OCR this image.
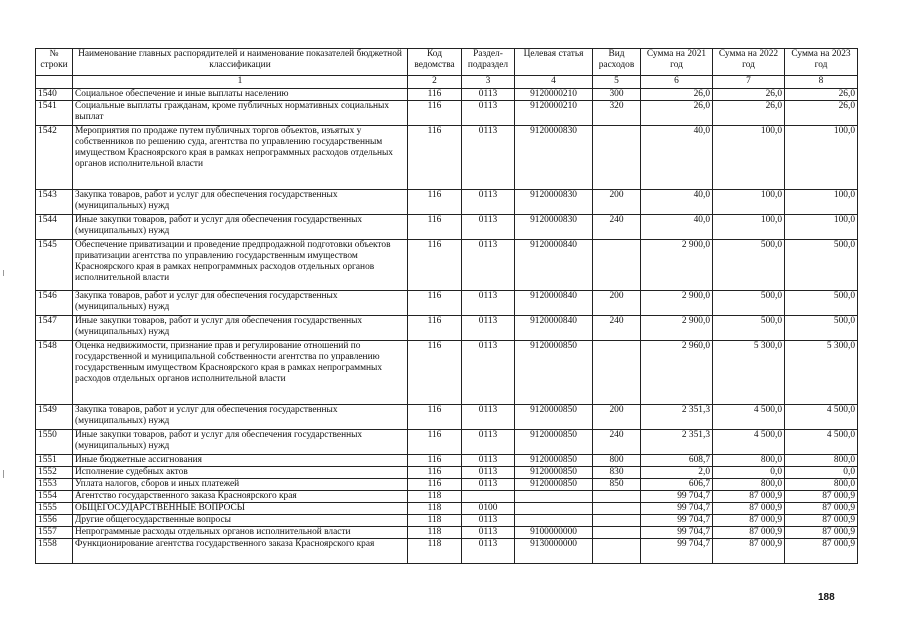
№ строки	Наименование главных распорядителей и наименование показателей бюджетной классификации	Код ведомства	Раздел-подраздел	Целевая статья	Вид расходов	Сумма на 2021 год	Сумма на 2022 год	Сумма на 2023 год
	1	2	3	4	5	6	7	8
1540	Социальное обеспечение и иные выплаты населению	116	0113	9120000210	300	26,0	26,0	26,0
1541	Социальные выплаты гражданам, кроме публичных нормативных социальных выплат	116	0113	9120000210	320	26,0	26,0	26,0
1542	Мероприятия по продаже путем публичных торгов объектов, изъятых у собственников по решению суда, агентства по управлению государственным имуществом Красноярского края в рамках непрограммных расходов отдельных органов исполнительной власти	116	0113	9120000830		40,0	100,0	100,0
1543	Закупка товаров, работ и услуг для обеспечения государственных (муниципальных) нужд	116	0113	9120000830	200	40,0	100,0	100,0
1544	Иные закупки товаров, работ и услуг для обеспечения государственных (муниципальных) нужд	116	0113	9120000830	240	40,0	100,0	100,0
1545	Обеспечение приватизации и проведение предпродажной подготовки объектов приватизации агентства по управлению государственным имуществом Красноярского края в рамках непрограммных расходов отдельных органов исполнительной власти	116	0113	9120000840		2 900,0	500,0	500,0
1546	Закупка товаров, работ и услуг для обеспечения государственных (муниципальных) нужд	116	0113	9120000840	200	2 900,0	500,0	500,0
1547	Иные закупки товаров, работ и услуг для обеспечения государственных (муниципальных) нужд	116	0113	9120000840	240	2 900,0	500,0	500,0
1548	Оценка недвижимости, признание прав и регулирование отношений по государственной и муниципальной собственности агентства по управлению государственным имуществом Красноярского края в рамках непрограммных расходов отдельных органов исполнительной власти	116	0113	9120000850		2 960,0	5 300,0	5 300,0
1549	Закупка товаров, работ и услуг для обеспечения государственных (муниципальных) нужд	116	0113	9120000850	200	2 351,3	4 500,0	4 500,0
1550	Иные закупки товаров, работ и услуг для обеспечения государственных (муниципальных) нужд	116	0113	9120000850	240	2 351,3	4 500,0	4 500,0
1551	Иные бюджетные ассигнования	116	0113	9120000850	800	608,7	800,0	800,0
1552	Исполнение судебных актов	116	0113	9120000850	830	2,0	0,0	0,0
1553	Уплата налогов, сборов и иных платежей	116	0113	9120000850	850	606,7	800,0	800,0
1554	Агентство государственного заказа Красноярского края	118				99 704,7	87 000,9	87 000,9
1555	ОБЩЕГОСУДАРСТВЕННЫЕ ВОПРОСЫ	118	0100			99 704,7	87 000,9	87 000,9
1556	Другие общегосударственные вопросы	118	0113			99 704,7	87 000,9	87 000,9
1557	Непрограммные расходы отдельных органов исполнительной власти	118	0113	9100000000		99 704,7	87 000,9	87 000,9
1558	Функционирование агентства государственного заказа Красноярского края	118	0113	9130000000		99 704,7	87 000,9	87 000,9
188
